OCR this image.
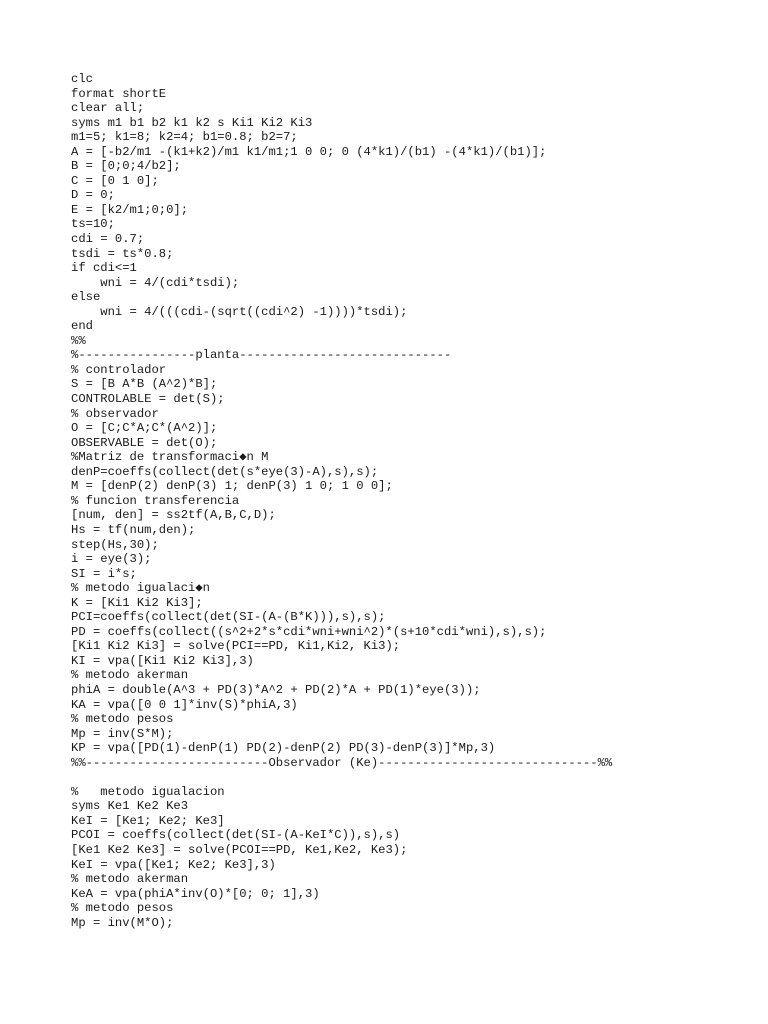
clc
format shortE
clear all;
syms m1 b1 b2 k1 k2 s Ki1 Ki2 Ki3
m1=5; k1=8; k2=4; b1=0.8; b2=7;
A = [-b2/m1 -(k1+k2)/m1 k1/m1;1 0 0; 0 (4*k1)/(b1) -(4*k1)/(b1)];
B = [0;0;4/b2];
C = [0 1 0];
D = 0;
E = [k2/m1;0;0];
ts=10;
cdi = 0.7;
tsdi = ts*0.8;
if cdi<=1
wni = 4/(cdi*tsdi);
else
wni = 4/(((cdi-(sqrt((cdi^2) -1))))*tsdi);
end
%%
%----------------planta-----------------------------
% controlador
S = [B A*B (A^2)*B];
CONTROLABLE = det(S);
% observador
O = [C;C*A;C*(A^2)];
OBSERVABLE = det(O);
%Matriz de transformaci◆n M
denP=coeffs(collect(det(s*eye(3)-A),s),s);
M = [denP(2) denP(3) 1; denP(3) 1 0; 1 0 0];
% funcion transferencia
[num, den] = ss2tf(A,B,C,D);
Hs = tf(num,den);
step(Hs,30);
i = eye(3);
SI = i*s;
% metodo igualaci◆n
K = [Ki1 Ki2 Ki3];
PCI=coeffs(collect(det(SI-(A-(B*K))),s),s);
PD = coeffs(collect((s^2+2*s*cdi*wni+wni^2)*(s+10*cdi*wni),s),s);
[Ki1 Ki2 Ki3] = solve(PCI==PD, Ki1,Ki2, Ki3);
KI = vpa([Ki1 Ki2 Ki3],3)
% metodo akerman
phiA = double(A^3 + PD(3)*A^2 + PD(2)*A + PD(1)*eye(3));
KA = vpa([0 0 1]*inv(S)*phiA,3)
% metodo pesos
Mp = inv(S*M);
KP = vpa([PD(1)-denP(1) PD(2)-denP(2) PD(3)-denP(3)]*Mp,3)
%%-------------------------Observador (Ke)------------------------------%%
%   metodo igualacion
syms Ke1 Ke2 Ke3
KeI = [Ke1; Ke2; Ke3]
PCOI = coeffs(collect(det(SI-(A-KeI*C)),s),s)
[Ke1 Ke2 Ke3] = solve(PCOI==PD, Ke1,Ke2, Ke3);
KeI = vpa([Ke1; Ke2; Ke3],3)
% metodo akerman
KeA = vpa(phiA*inv(O)*[0; 0; 1],3)
% metodo pesos
Mp = inv(M*O);
